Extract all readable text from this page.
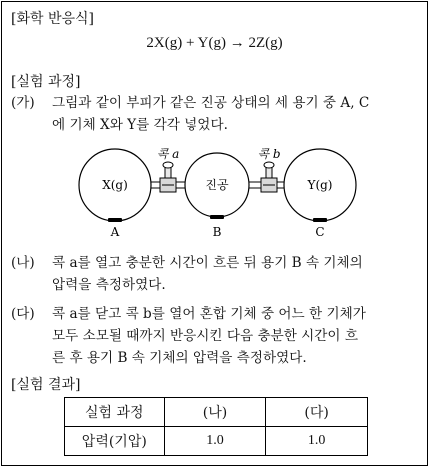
[화학 반응식]
2X(g) + Y(g) → 2Z(g)
[실험 과정]
(가) 그림과 같이 부피가 같은 진공 상태의 세 용기 중 A, C
에 기체 X와 Y를 각각 넣었다.
X(g)	진공	Y(g)
콕 a	콕 b
A	B	C
(나) 콕 a를 열고 충분한 시간이 흐른 뒤 용기 B 속 기체의
압력을 측정하였다.
(다) 콕 a를 닫고 콕 b를 열어 혼합 기체 중 어느 한 기체가
모두 소모될 때까지 반응시킨 다음 충분한 시간이 흐
른 후 용기 B 속 기체의 압력을 측정하였다.
[실험 결과]
실험 과정	(나)	(다)
압력(기압)	1.0	1.0
